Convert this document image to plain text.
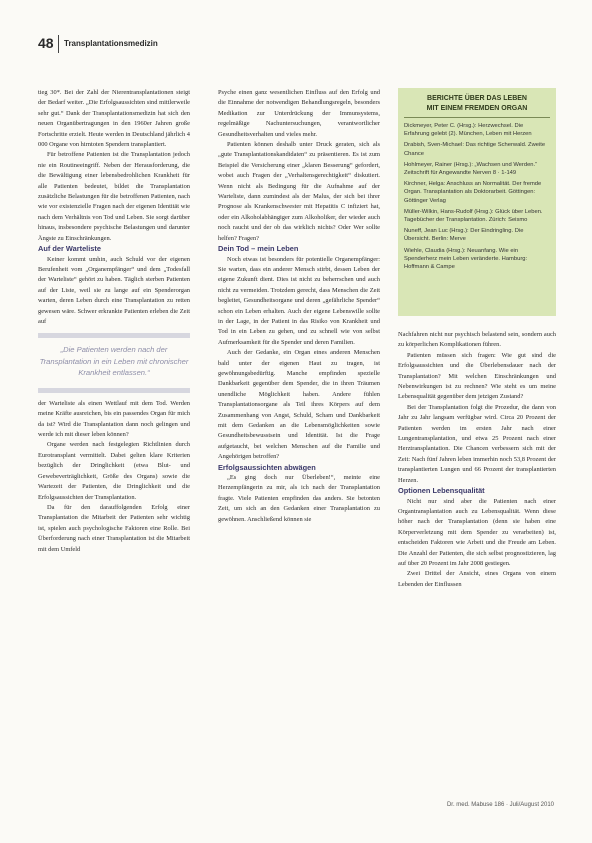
48 Transplantationsmedizin

tieg 30*. Bei der Zahl der Nierentransplantationen steigt der Bedarf weiter. „Die Erfolgsaussichten sind mittlerweile sehr gut.“ Dank der Transplantationsmedizin hat sich den neuen Organübertragungen in den 1960er Jahren große Fortschritte erzielt. Heute werden in Deutschland jährlich 4 000 Organe von hirntoten Spendern transplantiert.

Für betroffene Patienten ist die Transplantation jedoch nie ein Routineeingriff. Neben der Herausforderung, die die Bewältigung einer lebensbedrohlichen Krankheit für alle Patienten bedeutet, bildet die Transplantation zusätzliche Belastungen für die betroffenen Patienten, nach wie vor existenzielle Fragen nach der eigenen Identität wie nach dem Verhältnis von Tod und Leben. Sie sorgt darüber hinaus, insbesondere psychische Belastungen und darunter Ängste zu Einschränkungen.

Auf der Warteliste

Keiner kommt umhin, auch Schuld vor der eigenen Berufenheit vom „Organempfänger“ und dem „Todesfall der Warteliste“ gehört zu haben. Täglich sterben Patienten auf der Liste, weil sie zu lange auf ein Spenderorgan warten, deren Leben durch eine Transplantation zu retten gewesen wäre. Schwer erkrankte Patienten erleben die Zeit auf

„Die Patienten werden nach der Transplantation in ein Leben mit chronischer Krankheit entlassen.“

der Warteliste als einen Wettlauf mit dem Tod. Werden meine Kräfte ausreichen, bis ein passendes Organ für mich da ist? Wird die Transplantation dann noch gelingen und werde ich mit dieser leben können?

Organe werden nach festgelegten Richtlinien durch Eurotransplant vermittelt. Dabei gelten klare Kriterien bezüglich der Dringlichkeit (etwa Blut- und Gewebeverträglichkeit, Größe des Organs) sowie die Wartezeit der Patienten, die Dringlichkeit und die Erfolgsaussichten der Transplantation.

Da für den darauffolgenden Erfolg einer Transplantation die Mitarbeit der Patienten sehr wichtig ist, spielen auch psychologische Faktoren eine Rolle. Bei Überforderung nach einer Transplantation ist die Mitarbeit mit dem Umfeld

Psyche einen ganz wesentlichen Einfluss auf den Erfolg und die Einnahme der notwendigen Behandlungsregeln, besonders Medikation zur Unterdrückung der Immunsystems, regelmäßige Nachuntersuchungen, verantwortlicher Gesundheitsverhalten und vieles mehr.

Patienten können deshalb unter Druck geraten, sich als „gute Transplantationskandidaten“ zu präsentieren. Es ist zum Beispiel die Versicherung einer „klaren Besserung“ gefordert, wobei auch Fragen der „Verhaltensgerechtigkeit“ diskutiert. Wenn nicht als Bedingung für die Aufnahme auf der Warteliste, dann zumindest als der Malus, der sich bei ihrer Prognose als Krankenschwester mit Hepatitis C infiziert hat, oder ein Alkoholabhängiger zum Alkoholiker, der wieder auch noch raucht und der ob das wirklich nichts? Oder Wer sollte helfen? Fragen?

Dein Tod – mein Leben

Noch etwas ist besonders für potentielle Organempfänger: Sie warten, dass ein anderer Mensch stirbt, dessen Leben der eigene Zukunft dient. Dies ist nicht zu beherrschen und auch nicht zu vermeiden. Trotzdem gerecht, dass Menschen die Zeit begleitet, Gesundheitsorgane und deren „gefährliche Spender“ schon ein Leben erhalten. Auch der eigene Lebenswille sollte in der Lage, in der Patient in das Risiko von Krankheit und Tod in ein Leben zu gehen, und zu schnell wie von selbst Aufmerksamkeit für die Spender und deren Familien.

Auch der Gedanke, ein Organ eines anderen Menschen bald unter der eigenen Haut zu tragen, ist gewöhnungsbedürftig. Manche empfinden spezielle Dankbarkeit gegenüber dem Spender, die in ihren Träumen unendliche Möglichkeit haben. Andere fühlen Transplantationsorgane als Teil ihres Körpers auf dem Zusammenhang von Angst, Schuld, Scham und Dankbarkeit mit dem Gedanken an die Lebensmöglichkeiten sowie Gesundheitsbewusstsein und Identität. Ist die Frage aufgetaucht, bei welchen Menschen auf die Familie und Angehörigen betroffen?

Erfolgsaussichten abwägen

„Es ging doch nur Überleben!“, meinte eine Herzempfängerin zu mir, als ich nach der Transplantation fragte. Viele Patienten empfinden das anders. Sie betonten Zeit, um sich an den Gedanken einer Transplantation zu gewöhnen. Anschließend können sie

BERICHTE ÜBER DAS LEBEN
MIT EINEM FREMDEN ORGAN
Dickmeyer, Peter C. (Hrsg.): Herzwechsel. Die Erfahrung gelebt (2). München, Leben mit Herzen
Drabish, Sven-Michael: Das richtige Scherwald. Zweite Chance
Hohlmeyer, Rainer (Hrsg.): „Wachsen und Werden.“ Zeitschrift für Angewandte Nerven 8 · 1-149
Kirchner, Helga: Anschluss an Normalität. Der fremde Organ. Transplantation als Doktorarbeit. Göttingen: Göttinger Verlag
Müller-Wilkin, Hans-Rudolf (Hrsg.): Glück über Leben. Tagebücher der Transplantation. Zürich: Seismo
Nuneff, Jean Luc (Hrsg.): Der Eindringling. Die Übersicht. Berlin: Merve
Wiehle, Claudia (Hrsg.): Neuanfang. Wie ein Spenderherz mein Leben veränderte. Hamburg: Hoffmann & Campe

Nachfahren nicht nur psychisch belastend sein, sondern auch zu körperlichen Komplikationen führen.

Patienten müssen sich fragen: Wie gut sind die Erfolgsaussichten und die Überlebensdauer nach der Transplantation? Mit welchen Einschränkungen und Nebenwirkungen ist zu rechnen? Wie steht es um meine Lebensqualität gegenüber dem jetzigen Zustand?

Bei der Transplantation folgt die Prozedur, die dann von Jahr zu Jahr langsam verfügbar wird. Circa 20 Prozent der Patienten werden im ersten Jahr nach einer Lungentransplantation, und etwa 25 Prozent nach einer Herztransplantation. Die Chancen verbessern sich mit der Zeit: Nach fünf Jahren leben immerhin noch 53,8 Prozent der transplantierten Lungen und 66 Prozent der transplantierten Herzen.

Optionen Lebensqualität

Nicht nur sind aber die Patienten nach einer Organtransplantation auch zu Lebensqualität. Wenn diese höher nach der Transplantation (denn sie haben eine Körperverletzung mit dem Spender zu verarbeiten) ist, entscheiden Faktoren wie Arbeit und die Freude am Leben. Die Anzahl der Patienten, die sich selbst prognostizieren, lag auf über 20 Prozent im Jahr 2008 gestiegen.

Zwei Drittel der Ansicht, eines Organs von einem Lebenden der Einflussen

Dr. med. Mabuse 186 · Juli/August 2010
